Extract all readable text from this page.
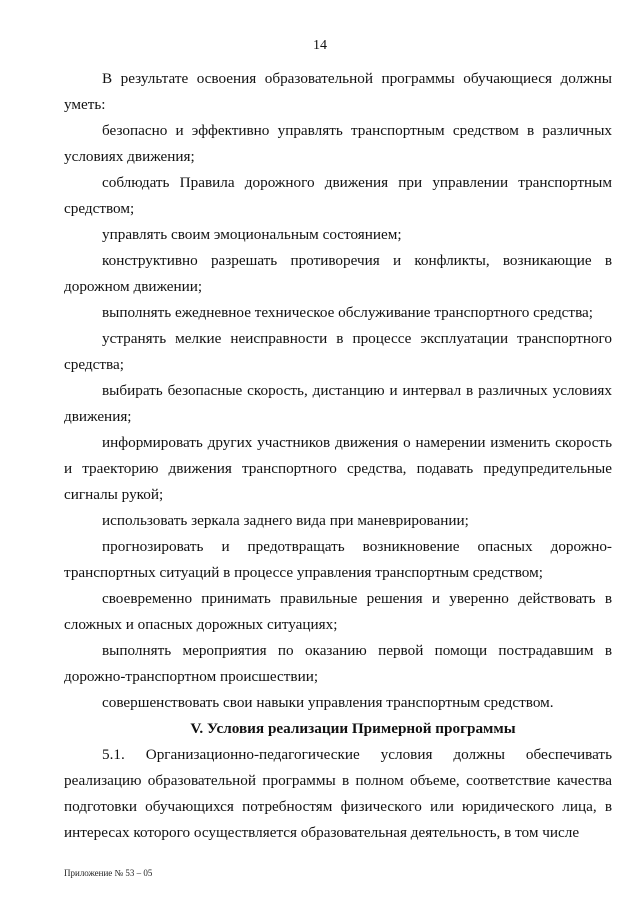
14

В результате освоения образовательной программы обучающиеся должны уметь:

безопасно и эффективно управлять транспортным средством в различных условиях движения;

соблюдать Правила дорожного движения при управлении транспортным средством;

управлять своим эмоциональным состоянием;

конструктивно разрешать противоречия и конфликты, возникающие в дорожном движении;

выполнять ежедневное техническое обслуживание транспортного средства;

устранять мелкие неисправности в процессе эксплуатации транспортного средства;

выбирать безопасные скорость, дистанцию и интервал в различных условиях движения;

информировать других участников движения о намерении изменить скорость и траекторию движения транспортного средства, подавать предупредительные сигналы рукой;

использовать зеркала заднего вида при маневрировании;

прогнозировать и предотвращать возникновение опасных дорожно-транспортных ситуаций в процессе управления транспортным средством;

своевременно принимать правильные решения и уверенно действовать в сложных и опасных дорожных ситуациях;

выполнять мероприятия по оказанию первой помощи пострадавшим в дорожно-транспортном происшествии;

совершенствовать свои навыки управления транспортным средством.

V. Условия реализации Примерной программы

5.1. Организационно-педагогические условия должны обеспечивать реализацию образовательной программы в полном объеме, соответствие качества подготовки обучающихся потребностям физического или юридического лица, в интересах которого осуществляется образовательная деятельность, в том числе

Приложение № 53 – 05
